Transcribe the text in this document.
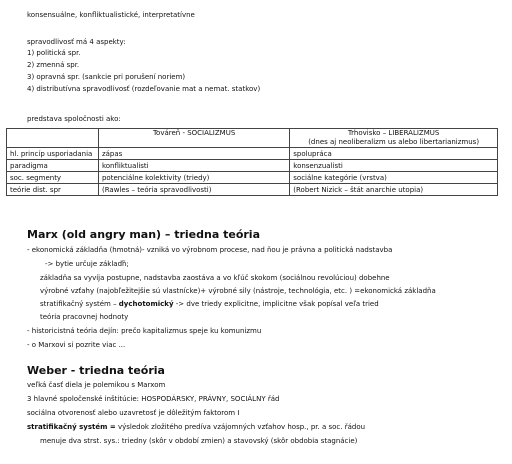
konsensuálne, konfliktualistické, interpretatívne
spravodlivosť má 4 aspekty:
1) politická spr.
2) zmenná spr.
3) opravná spr. (sankcie pri porušení noriem)
4) distributívna spravodlivosť (rozdeľovanie mat a nemat. statkov)
predstava spoločnosti ako:
	Továreň - SOCIALIZMUS	Trhovisko – LIBERALIZMUS
(dnes aj neoliberalizm us alebo libertarianizmus)

hl. princíp usporiadania	zápas	spolupráca
paradigma	konfliktualisti	konsenzualisti
soc. segmenty	potenciálne kolektivity (triedy)	sociálne kategórie (vrstva)
teórie dist. spr	(Rawles – teória spravodlivosti)	(Robert Nizick – štát anarchie utopia)
Marx (old angry man) – triedna teória
- ekonomická základňa (hmotná)- vzniká vo výrobnom procese, nad ňou je právna a politická nadstavba
-> bytie určuje záklaďň;
základňa sa vyvíja postupne, nadstavba zaostáva a vo kľúč skokom (sociálnou revolúciou) dobehne
výrobné vzťahy (najobľežitejšie sú vlastnícke)+ výrobné sily (nástroje, technológia, etc. ) =ekonomická základňa
stratifikačný systém – dychotomický -> dve triedy explicitne, implicitne však popísal veľa tried
teória pracovnej hodnoty
- historicistná teória dejín: prečo kapitalizmus speje ku komunizmu
- o Marxovi si pozrite viac ...
Weber - triedna teória
veľká časť diela je polemikou s Marxom
3 hlavné spoločenské inštitúcie: HOSPODÁRSKY, PRÁVNY, SOCIÁLNY řád
sociálna otvorenosť alebo uzavretosť je dôležitým faktorom I
stratifikačný systém = výsledok zložitého predíva vzájomných vzťahov hosp., pr. a soc. řádou
menuje dva strst. sys.: triedny (skôr v období zmien) a stavovský (skôr obdobia stagnácie)
